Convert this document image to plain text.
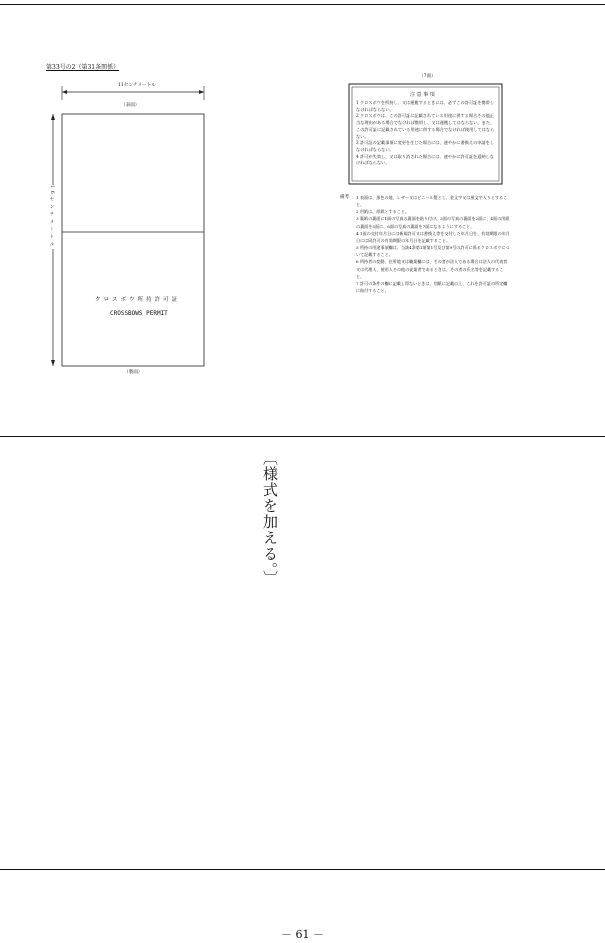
第33号の2（第31条関係）
11センチメートル
16センチメートル
（表面）
クロスボウ所持許可証
CROSSBOWS PERMIT
（裏面）
（7面）
注 意 事 項
1 クロスボウを所持し、又は運搬するときには、必ずこの許可証を携帯しなければならない。
2 クロスボウは、この許可証に記載されている用途に供する場合その他正当な理由がある場合でなければ携帯し、又は運搬してはならない。また、この許可証に記載されている用途に供する場合でなければ使用してはならない。
3 許可証の記載事項に変更を生じた場合には、速やかに書換えの申請をしなければならない。
4 許可が失効し、又は取り消された場合には、速やかに許可証を返納しなければならない。
備考 1 表面は、黒色の地、レザー又はビニール製とし、金文字又は黒文字入りとすること。
2 用紙は、厚紙とすること。
3 裏紙の裏面に1面の写真の裏面を貼り付け、3面の写真の裏面を2面に、4面の用紙の裏面を5面に、6面の写真の裏面を7面になるようにすること。
4 1面の交付年月日には新規許可又は書換え等を交付した年月日を、有効期限の年月日には同許可の有効期限の年月日を記載すること。
5 所持の用途事項欄は、当該4条第1項第1号及び第9号の許可に係るクロスボウについて記載すること。
6 所持者の変動、住所地又は職業欄には、その者が法人である場合は法人の代表者又は代理人、使用人その他の従業者であるときは、その者の氏名等を記載すること。
7 許可の条件の欄に記載し得ないときは、別紙に記載の上、これを許可証の所定欄に貼付すること。
〔様式を加える。〕
－ 61 －
